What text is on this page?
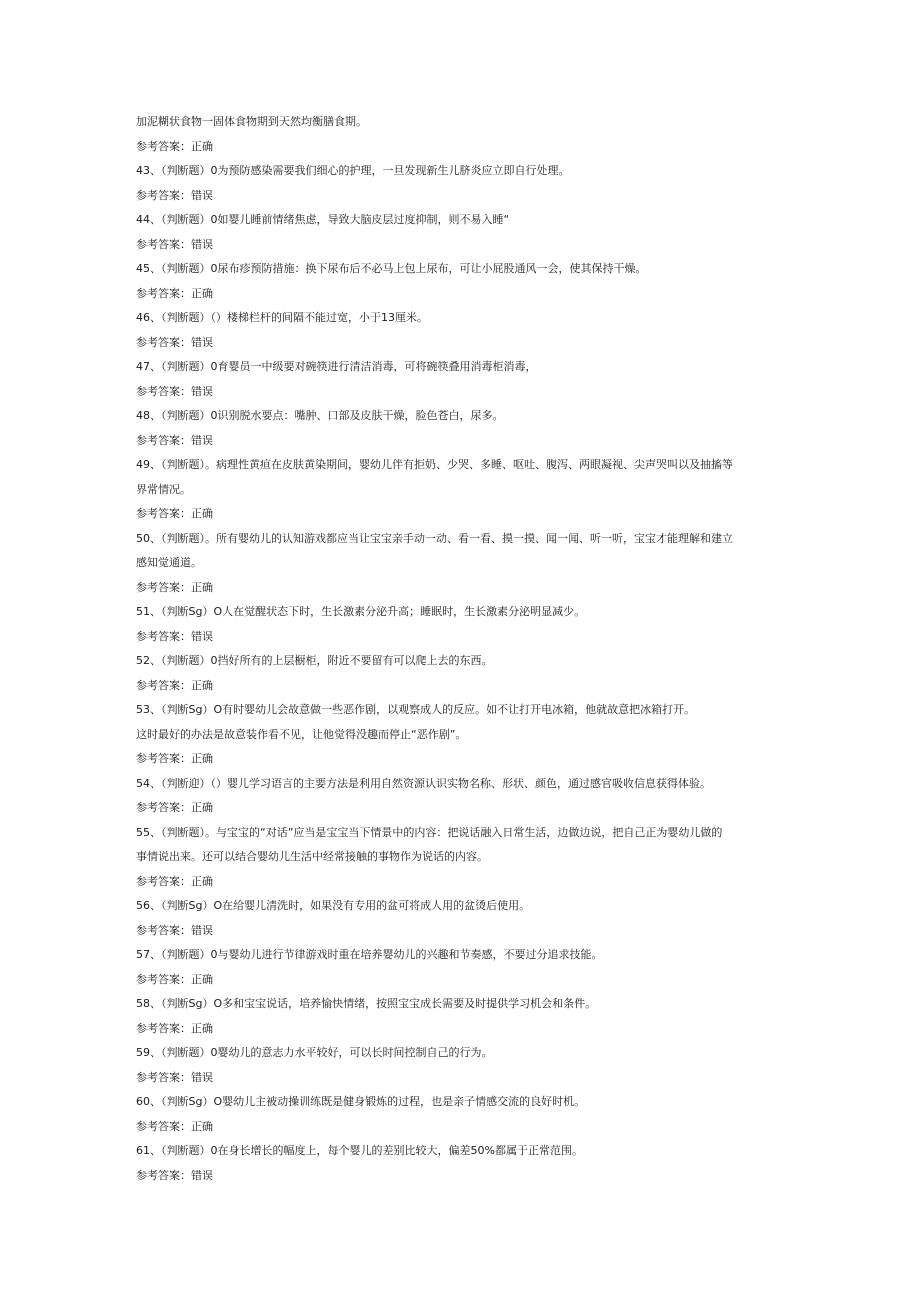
加泥糊状食物一固体食物期到天然均衡膳食期。
参考答案：正确
43、（判断题）0为预防感染需要我们细心的护理，一旦发现新生儿脐炎应立即自行处理。
参考答案：错误
44、（判断题）0如婴儿睡前情绪焦虑，导致大脑皮层过度抑制，则不易入睡“
参考答案：错误
45、（判断题）0尿布疹预防措施：换下尿布后不必马上包上尿布，可让小屁股通风一会，使其保持干燥。
参考答案：正确
46、（判断题）（）楼梯栏杆的间隔不能过宽，小于13厘米。
参考答案：错误
47、（判断题）0育婴员一中级要对碗筷进行清洁消毒，可将碗筷叠用消毒柜消毒，
参考答案：错误
48、（判断题）0识别脱水要点：嘴肿、口部及皮肤干燥，脸色苍白，尿多。
参考答案：错误
49、（判断题）。病理性黄疸在皮肤黄染期间，婴幼儿伴有拒奶、少哭、多睡、呕吐、腹泻、两眼凝视、尖声哭叫以及抽搐等
界常情况。
参考答案：正确
50、（判断题）。所有婴幼儿的认知游戏都应当让宝宝亲手动一动、看一看、摸一摸、闻一闻、听一听，宝宝才能理解和建立
感知觉通道。
参考答案：正确
51、（判断Sg）O人在觉醒状态下时，生长激素分泌升高；睡眠时，生长激素分泌明显减少。
参考答案：错误
52、（判断题）0挡好所有的上层橱柜，附近不要留有可以爬上去的东西。
参考答案：正确
53、（判断Sg）O有时婴幼儿会故意做一些恶作剧，以观察成人的反应。如不让打开电冰箱，他就故意把冰箱打开。
这时最好的办法是故意装作看不见，让他觉得没趣而停止“恶作剧”。
参考答案：正确
54、（判断迎）（）婴儿学习语言的主要方法是利用自然资源认识实物名称、形状、颜色，通过感官吸收信息获得体验。
参考答案：正确
55、（判断题）。与宝宝的“对话”应当是宝宝当下情景中的内容：把说话融入日常生活，边做边说，把自己正为婴幼儿做的
事情说出来。还可以结合婴幼儿生活中经常接触的事物作为说话的内容。
参考答案：正确
56、（判断Sg）O在给婴儿清洗时，如果没有专用的盆可将成人用的盆烫后使用。
参考答案：错误
57、（判断题）0与婴幼儿进行节律游戏时重在培养婴幼儿的兴趣和节奏感，不要过分追求技能。
参考答案：正确
58、（判断Sg）O多和宝宝说话，培养愉快情绪，按照宝宝成长需要及时提供学习机会和条件。
参考答案：正确
59、（判断题）0婴幼儿的意志力水平较好，可以长时间控制自己的行为。
参考答案：错误
60、（判断Sg）O婴幼儿主被动操训练既是健身锻炼的过程，也是亲子情感交流的良好时机。
参考答案：正确
61、（判断题）0在身长增长的幅度上，每个婴儿的差别比较大，偏差50%都属于正常范围。
参考答案：错误
